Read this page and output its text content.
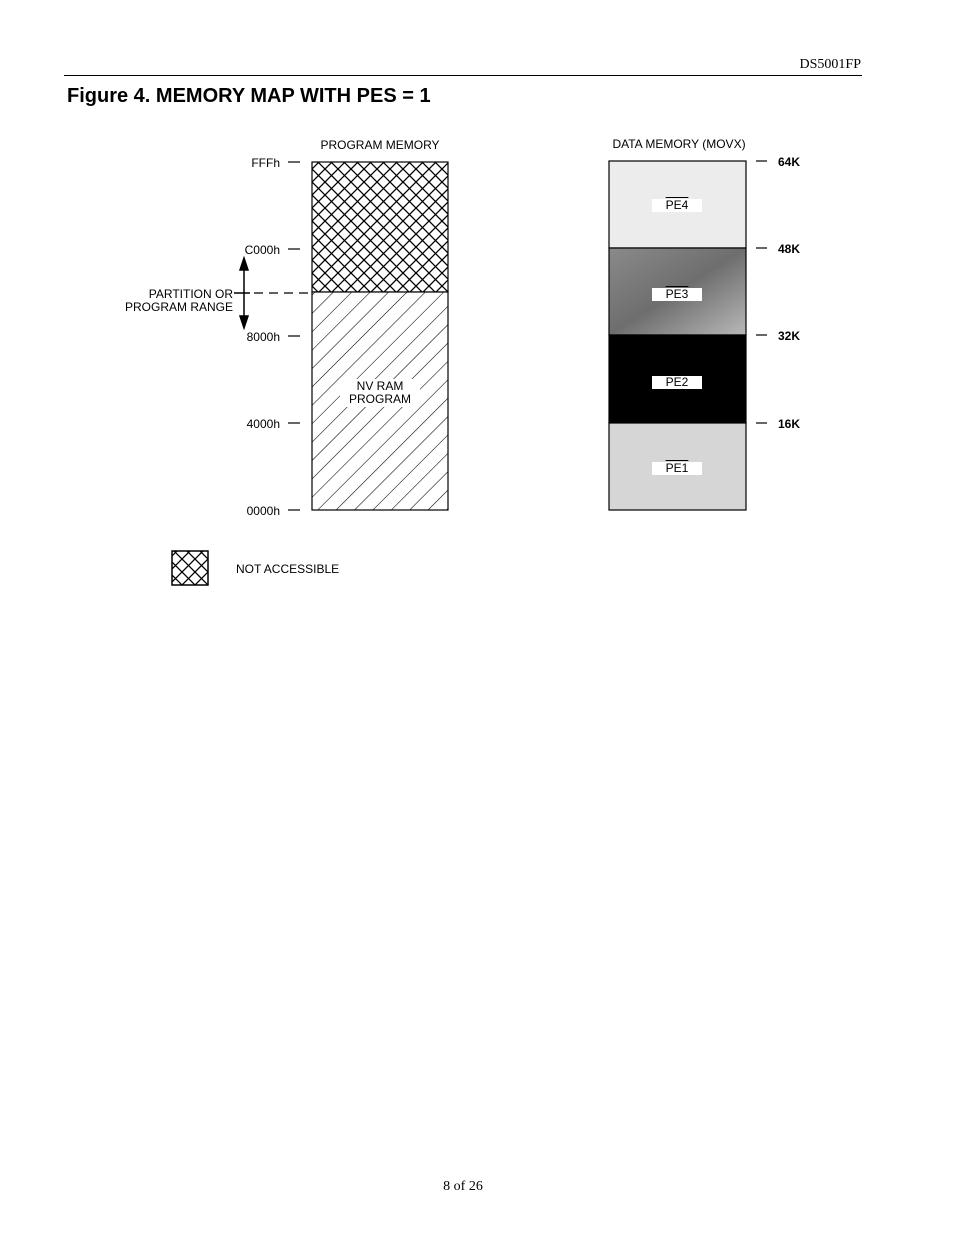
DS5001FP
Figure 4. MEMORY MAP WITH PES = 1
PROGRAM MEMORY
FFFh
C000h
8000h
4000h
0000h
PARTITION OR
PROGRAM RANGE
NV RAM
PROGRAM
DATA MEMORY (MOVX)
64K
48K
32K
16K
PE4
PE3
PE2
PE1
NOT ACCESSIBLE
8 of 26
